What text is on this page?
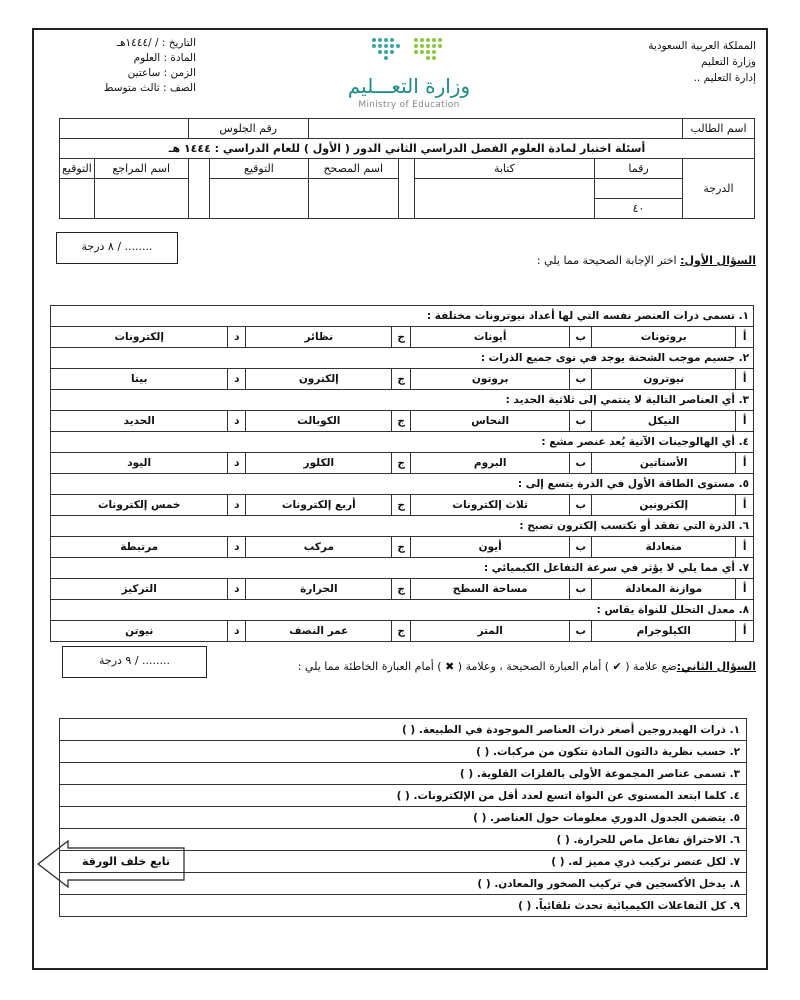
المملكة العربية السعودية
وزارة التعليم
إدارة التعليم ..
وزارة التعـــليم
Ministry of Education
التاريخ : / /١٤٤٤هـ
المادة : العلوم
الزمن : ساعتين
الصف : ثالث متوسط
اسم الطالب					رقم الجلوس			
أسئلة اختبار لمادة العلوم الفصل الدراسي الثاني الدور ( الأول ) للعام الدراسي : ١٤٤٤ هـ								
الدرجة	رقما	كتابة		اسم المصحح	التوقيع		اسم المراجع	التوقيع

	٤٠							
........ / ٨ درجة
السؤال الأول: اختر الإجابة الصحيحة مما يلي :
١. تسمى ذرات العنصر نفسه التي لها أعداد نيوترونات مختلفة :							
أ	بروتونات	ب	أيونات	ج	نظائر	د	إلكترونات
٢. جسيم موجب الشحنة يوجد في نوى جميع الذرات :							
أ	نيوترون	ب	بروتون	ج	إلكترون	د	بيتا
٣. أي العناصر التالية لا ينتمي إلى ثلاثية الحديد :							
أ	النيكل	ب	النحاس	ج	الكوبالت	د	الحديد
٤. أي الهالوجينات الآتية يُعد عنصر مشع :							
أ	الأستاتين	ب	البروم	ج	الكلور	د	اليود
٥. مستوى الطاقة الأول في الذرة يتسع إلى :							
أ	إلكترونين	ب	ثلاث إلكترونات	ج	أربع إلكترونات	د	خمس إلكترونات
٦. الذرة التي تفقد أو تكتسب إلكترون تصبح :							
أ	متعادلة	ب	أيون	ج	مركب	د	مرتبطة
٧. أي مما يلي لا يؤثر في سرعة التفاعل الكيميائي :							
أ	موازنة المعادلة	ب	مساحة السطح	ج	الحرارة	د	التركيز
٨. معدل التحلل للنواة يقاس :							
أ	الكيلوجرام	ب	المتر	ج	عمر النصف	د	نيوتن
........ / ٩ درجة	السؤال الثاني:ضع علامة ( ✔ ) أمام العبارة الصحيحة ، وعلامة ( ✖ ) أمام العبارة الخاطئة مما يلي :
١. ذرات الهيدروجين أصغر ذرات العناصر الموجودة في الطبيعة. ( )
٢. حسب نظرية دالتون المادة تتكون من مركبات. ( )
٣. تسمى عناصر المجموعة الأولى بالفلزات القلوية. ( )
٤. كلما ابتعد المستوى عن النواة اتسع لعدد أقل من الإلكترونات. ( )
٥. يتضمن الجدول الدوري معلومات حول العناصر. ( )
٦. الاحتراق تفاعل ماص للحرارة. ( )
٧. لكل عنصر تركيب ذري مميز له. ( )
٨. يدخل الأكسجين في تركيب الصخور والمعادن. ( )
٩. كل التفاعلات الكيميائية تحدث تلقائياً. ( )
تابع خلف الورقة
